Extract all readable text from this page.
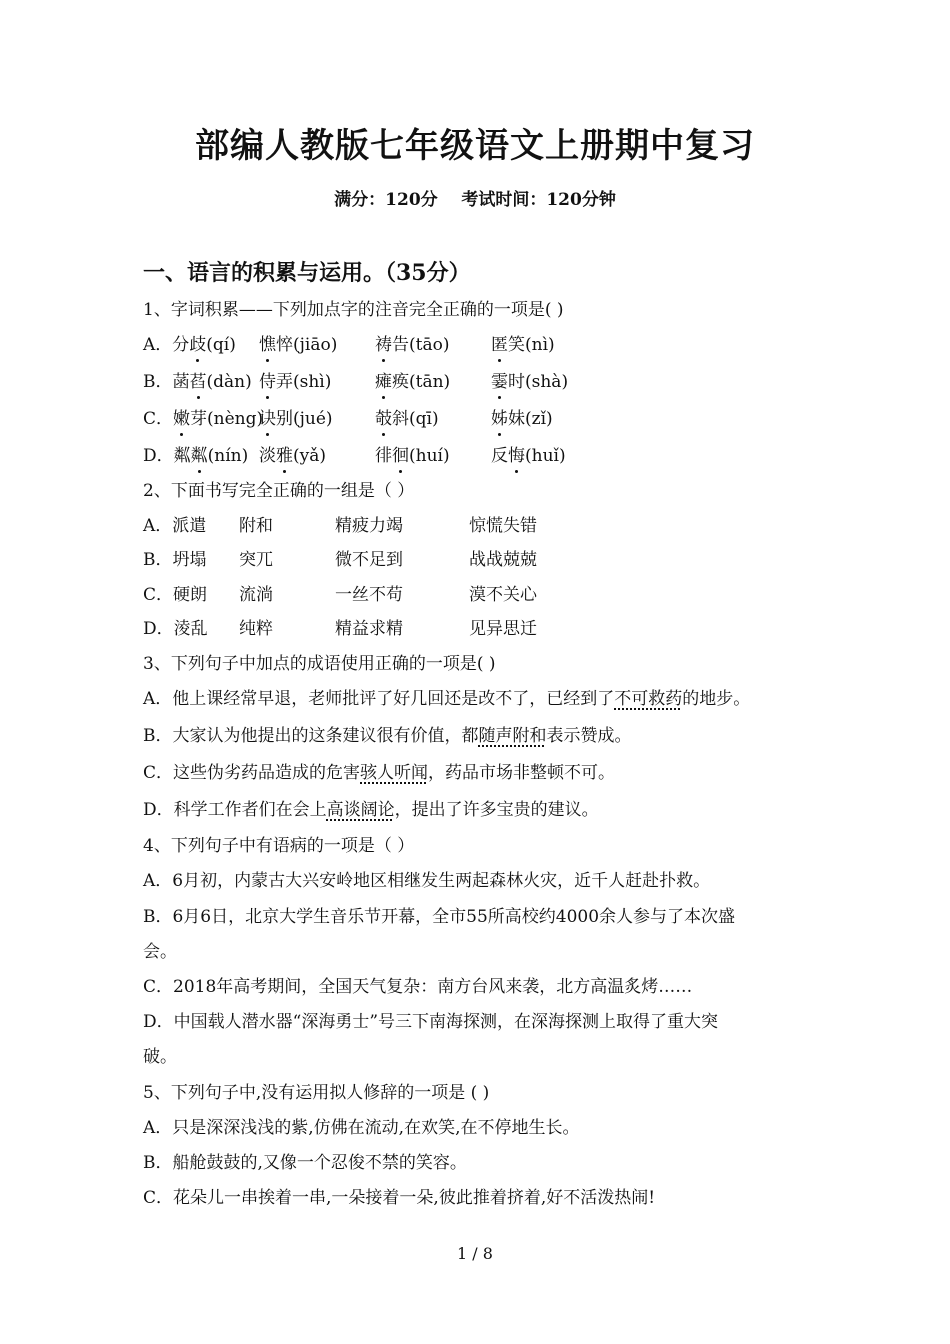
部编人教版七年级语文上册期中复习
满分：120分    考试时间：120分钟
一、语言的积累与运用。（35分）
1、字词积累——下列加点字的注音完全正确的一项是( )
A．分歧(qí) 憔悴(jiāo) 祷告(tāo) 匿笑(nì)
B．菡萏(dàn) 侍弄(shì)	瘫痪(tān) 霎时(shà)
C．嫩芽(nèng)诀别(jué) 攲斜(qī)	姊妹(zǐ)
D．粼粼(nín) 淡雅(yǎ)	徘徊(huí) 反悔(huǐ)
2、下面书写完全正确的一组是（ ）
A．派遣 附和	精疲力竭	惊慌失错
B．坍塌 突兀	微不足到	战战兢兢
C．硬朗 流淌	一丝不苟	漠不关心
D．淩乱 纯粹	精益求精	见异思迁
3、下列句子中加点的成语使用正确的一项是( )
A．他上课经常早退，老师批评了好几回还是改不了，已经到了不可救药的地步。
B．大家认为他提出的这条建议很有价值，都随声附和表示赞成。
C．这些伪劣药品造成的危害骇人听闻，药品市场非整顿不可。
D．科学工作者们在会上高谈阔论，提出了许多宝贵的建议。
4、下列句子中有语病的一项是（ ）
A．6月初，内蒙古大兴安岭地区相继发生两起森林火灾，近千人赶赴扑救。
B．6月6日，北京大学生音乐节开幕，全市55所高校约4000余人参与了本次盛
会。
C．2018年高考期间，全国天气复杂：南方台风来袭，北方高温炙烤……
D．中国载人潜水器“深海勇士”号三下南海探测，在深海探测上取得了重大突
破。
5、下列句子中,没有运用拟人修辞的一项是 ( )
A．只是深深浅浅的紫,仿佛在流动,在欢笑,在不停地生长。
B．船舱鼓鼓的,又像一个忍俊不禁的笑容。
C．花朵儿一串挨着一串,一朵接着一朵,彼此推着挤着,好不活泼热闹!
1 / 8
